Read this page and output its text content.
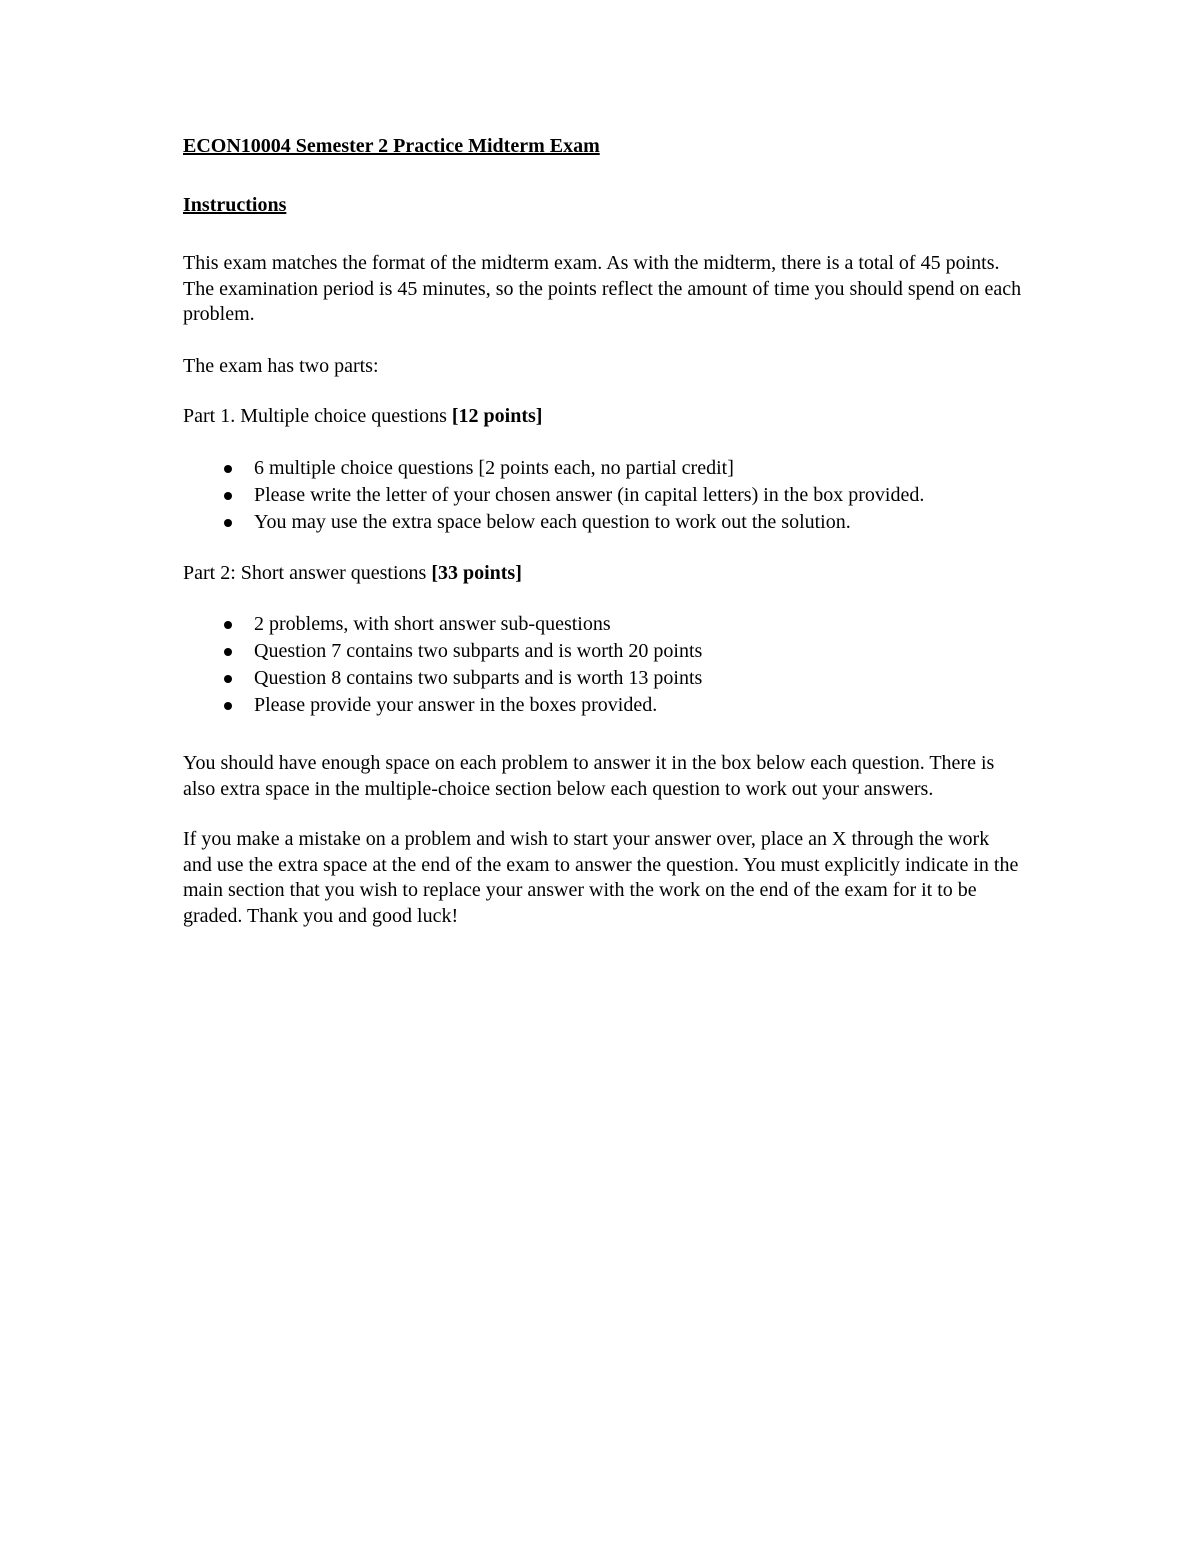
ECON10004 Semester 2 Practice Midterm Exam

Instructions

This exam matches the format of the midterm exam. As with the midterm, there is a total of 45 points. The examination period is 45 minutes, so the points reflect the amount of time you should spend on each problem.

The exam has two parts:

Part 1. Multiple choice questions [12 points]

6 multiple choice questions [2 points each, no partial credit]
Please write the letter of your chosen answer (in capital letters) in the box provided.
You may use the extra space below each question to work out the solution.

Part 2: Short answer questions [33 points]

2 problems, with short answer sub-questions
Question 7 contains two subparts and is worth 20 points
Question 8 contains two subparts and is worth 13 points
Please provide your answer in the boxes provided.

You should have enough space on each problem to answer it in the box below each question. There is also extra space in the multiple-choice section below each question to work out your answers.

If you make a mistake on a problem and wish to start your answer over, place an X through the work and use the extra space at the end of the exam to answer the question. You must explicitly indicate in the main section that you wish to replace your answer with the work on the end of the exam for it to be graded. Thank you and good luck!
